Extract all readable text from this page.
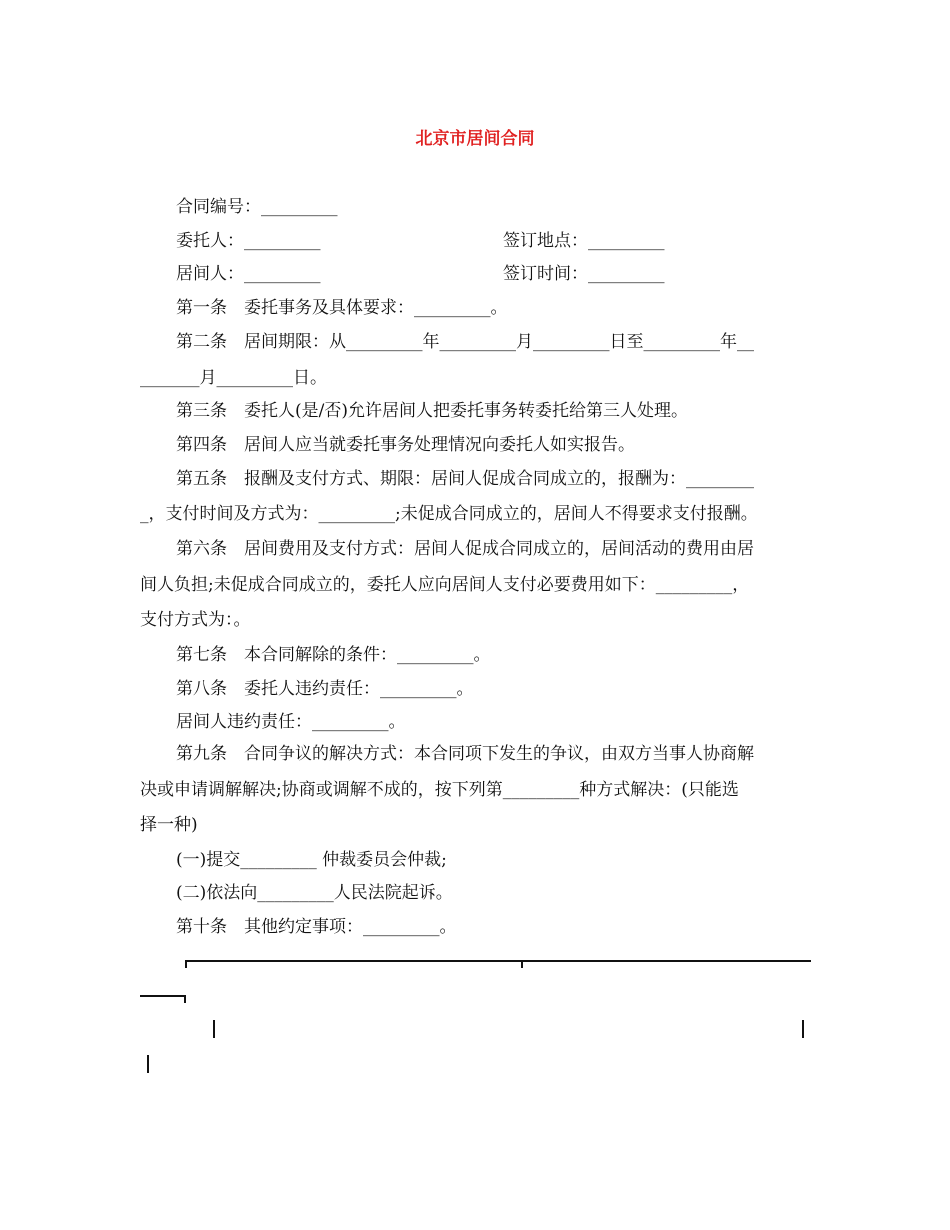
北京市居间合同
合同编号：_________
委托人：_________	签订地点：_________
居间人：_________	签订时间：_________
第一条　委托事务及具体要求：_________。
第二条　居间期限：从_________年_________月_________日至_________年__
_______月_________日。
第三条　委托人(是/否)允许居间人把委托事务转委托给第三人处理。
第四条　居间人应当就委托事务处理情况向委托人如实报告。
第五条　报酬及支付方式、期限：居间人促成合同成立的，报酬为：________
_，支付时间及方式为：_________;未促成合同成立的，居间人不得要求支付报酬。
第六条　居间费用及支付方式：居间人促成合同成立的，居间活动的费用由居
间人负担;未促成合同成立的，委托人应向居间人支付必要费用如下：_________，
支付方式为：。
第七条　本合同解除的条件：_________。
第八条　委托人违约责任：_________。
居间人违约责任：_________。
第九条　合同争议的解决方式：本合同项下发生的争议，由双方当事人协商解
决或申请调解解决;协商或调解不成的，按下列第_________种方式解决：(只能选
择一种)
(一)提交_________ 仲裁委员会仲裁;
(二)依法向_________人民法院起诉。
第十条　其他约定事项：_________。
